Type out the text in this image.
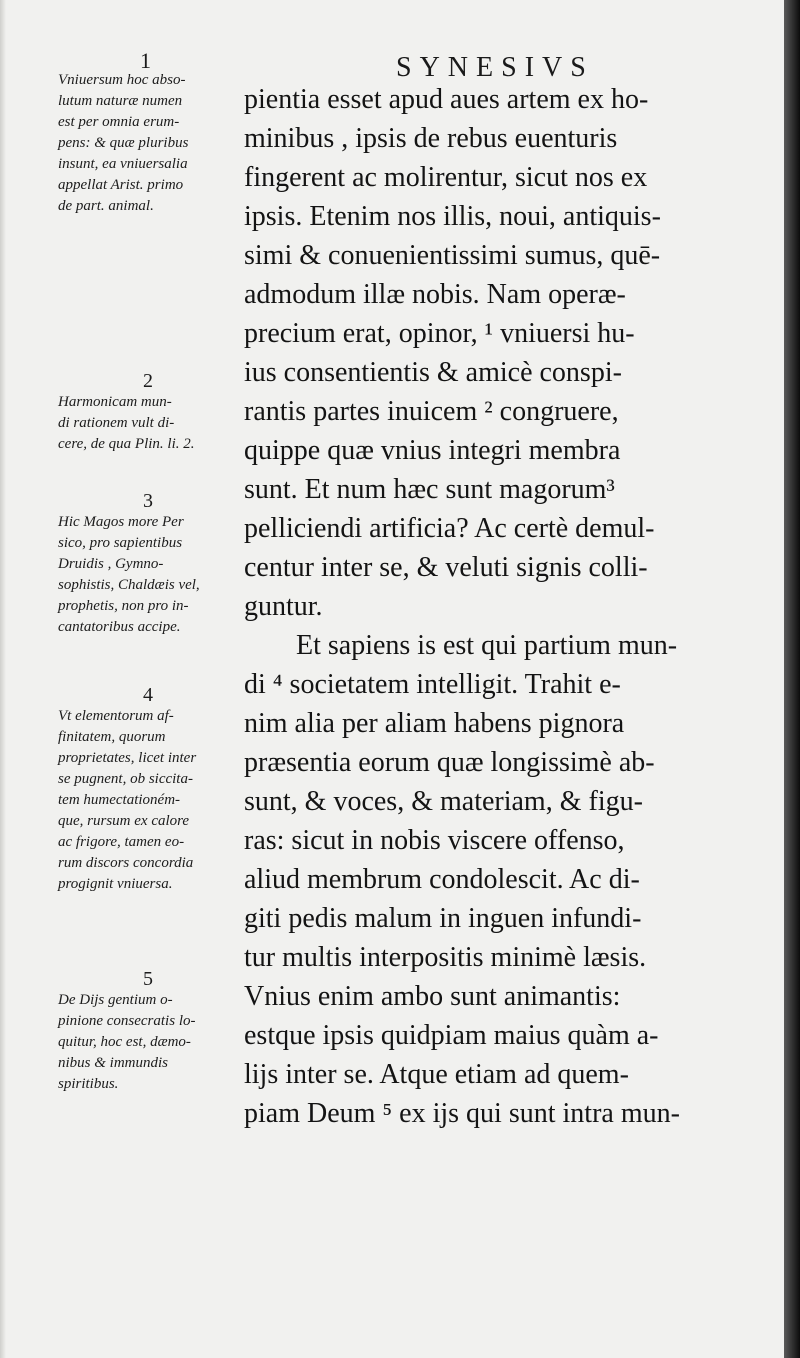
1	SYNESIVS
Vniuersum hoc abso-
lutum naturæ numen
est per omnia erum-
pens: & quæ pluribus
insunt, ea vniuersalia
appellat Arist. primo
de part. animal.
2
Harmonicam mun-
di rationem vult di-
cere, de qua Plin. li. 2.
3
Hic Magos more Per
sico, pro sapientibus
Druidis , Gymno-
sophistis, Chaldæis vel,
prophetis, non pro in-
cantatoribus accipe.
4
Vt elementorum af-
finitatem, quorum
proprietates, licet inter
se pugnent, ob siccita-
tem humectationém-
que, rursum ex calore
ac frigore, tamen eo-
rum discors concordia
progignit vniuersa.
5
De Dijs gentium o-
pinione consecratis lo-
quitur, hoc est, dæmo-
nibus & immundis
spiritibus.
pientia esset apud aues artem ex ho-
minibus , ipsis de rebus euenturis
fingerent ac molirentur, sicut nos ex
ipsis. Etenim nos illis, noui, antiquis-
simi & conuenientissimi sumus, quē-
admodum illæ nobis. Nam operæ-
precium erat, opinor, ¹ vniuersi hu-
ius consentientis & amicè conspi-
rantis partes inuicem ² congruere,
quippe quæ vnius integri membra
sunt. Et num hæc sunt magorum³
pelliciendi artificia? Ac certè demul-
centur inter se, & veluti signis colli-
guntur.
Et sapiens is est qui partium mun-
di ⁴ societatem intelligit. Trahit e-
nim alia per aliam habens pignora
præsentia eorum quæ longissimè ab-
sunt, & voces, & materiam, & figu-
ras: sicut in nobis viscere offenso,
aliud membrum condolescit. Ac di-
giti pedis malum in inguen infundi-
tur multis interpositis minimè læsis.
Vnius enim ambo sunt animantis:
estque ipsis quidpiam maius quàm a-
lijs inter se. Atque etiam ad quem-
piam Deum ⁵ ex ijs qui sunt intra mun-
